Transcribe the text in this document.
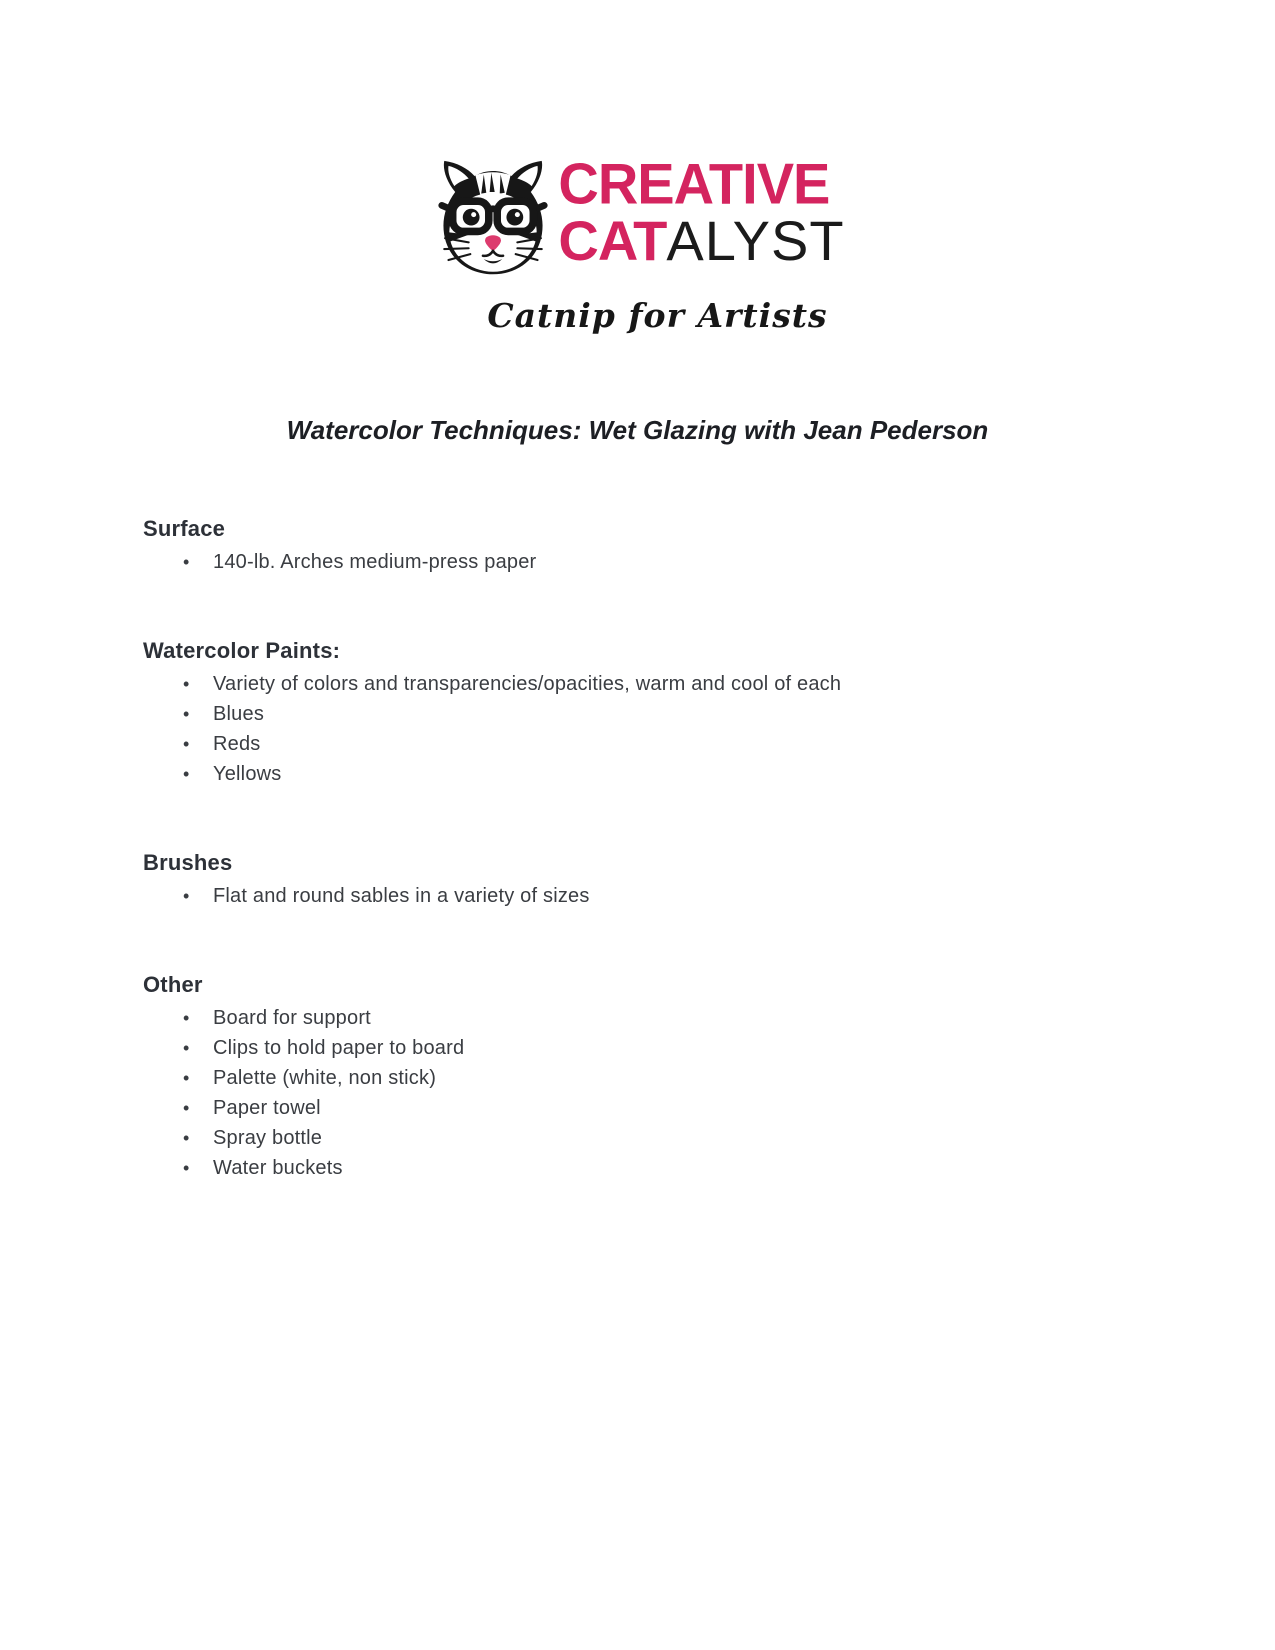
CREATIVE
CATALYST
Catnip for Artists
Watercolor Techniques: Wet Glazing with Jean Pederson
Surface
• 140-lb. Arches medium-press paper
Watercolor Paints:
• Variety of colors and transparencies/opacities, warm and cool of each
• Blues
• Reds
• Yellows
Brushes
• Flat and round sables in a variety of sizes
Other
• Board for support
• Clips to hold paper to board
• Palette (white, non stick)
• Paper towel
• Spray bottle
• Water buckets
